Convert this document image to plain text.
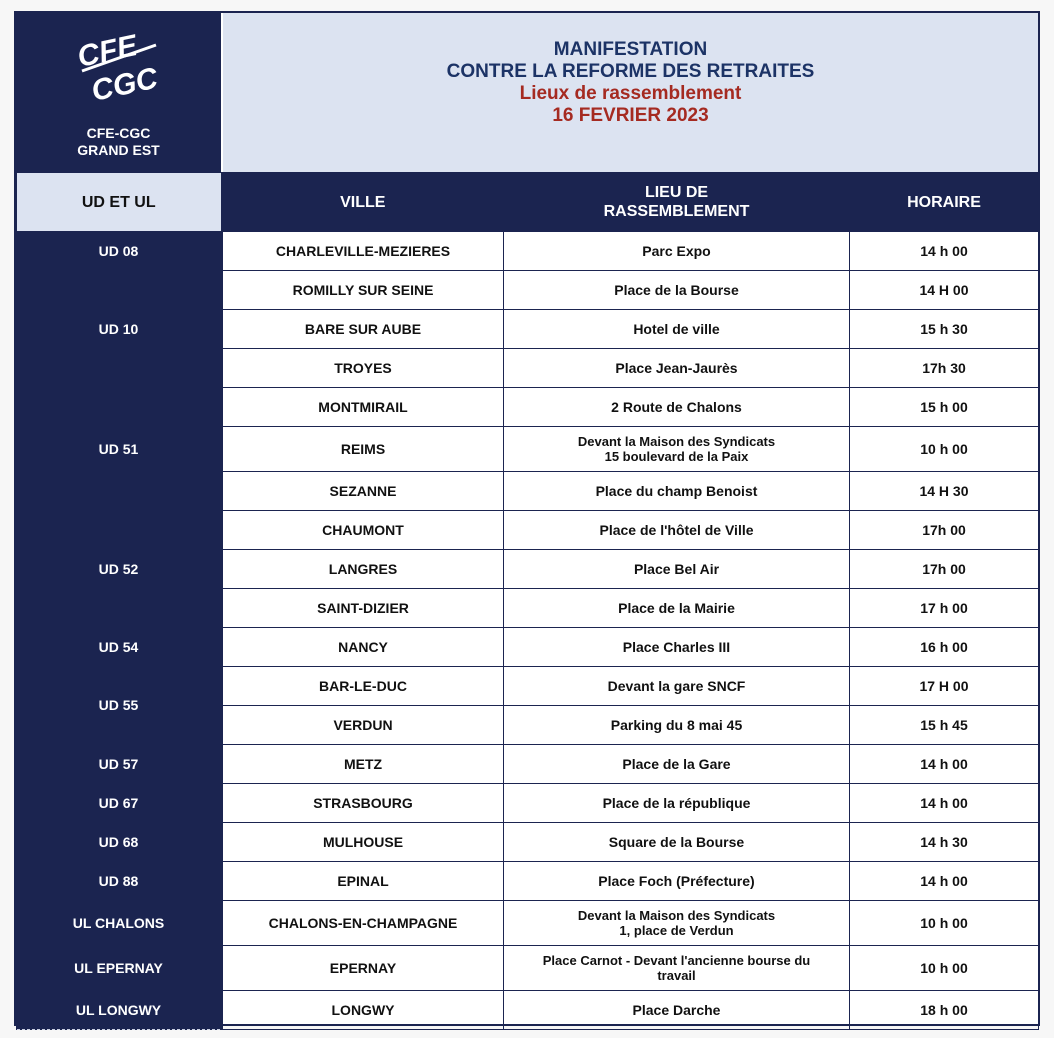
CFE
CGC
CFE-CGC
GRAND EST
MANIFESTATION
CONTRE LA REFORME DES RETRAITES
Lieux de rassemblement
16 FEVRIER 2023
UD ET UL	VILLE	LIEU DE
RASSEMBLEMENT	HORAIRE
UD 08	CHARLEVILLE-MEZIERES	Parc Expo	14 h 00
UD 10	ROMILLY SUR SEINE	Place de la Bourse	14 H 00
	BARE SUR AUBE	Hotel de ville	15 h 30
	TROYES	Place Jean-Jaurès	17h 30
UD 51	MONTMIRAIL	2 Route de Chalons	15 h 00
	REIMS	Devant la Maison des Syndicats
15 boulevard de la Paix	10 h 00
	SEZANNE	Place du champ Benoist	14 H 30
UD 52	CHAUMONT	Place de l'hôtel de Ville	17h 00
	LANGRES	Place Bel Air	17h 00
	SAINT-DIZIER	Place de la Mairie	17 h 00
UD 54	NANCY	Place Charles III	16 h 00
UD 55	BAR-LE-DUC	Devant la gare SNCF	17 H 00
	VERDUN	Parking du 8 mai 45	15 h 45
UD 57	METZ	Place de la Gare	14 h 00
UD 67	STRASBOURG	Place de la république	14 h 00
UD 68	MULHOUSE	Square de la Bourse	14 h 30
UD 88	EPINAL	Place Foch (Préfecture)	14 h 00
UL CHALONS	CHALONS-EN-CHAMPAGNE	Devant la Maison des Syndicats
1, place de Verdun	10 h 00
UL EPERNAY	EPERNAY	Place Carnot - Devant l'ancienne bourse du
travail	10 h 00
UL LONGWY	LONGWY	Place Darche	18 h 00
